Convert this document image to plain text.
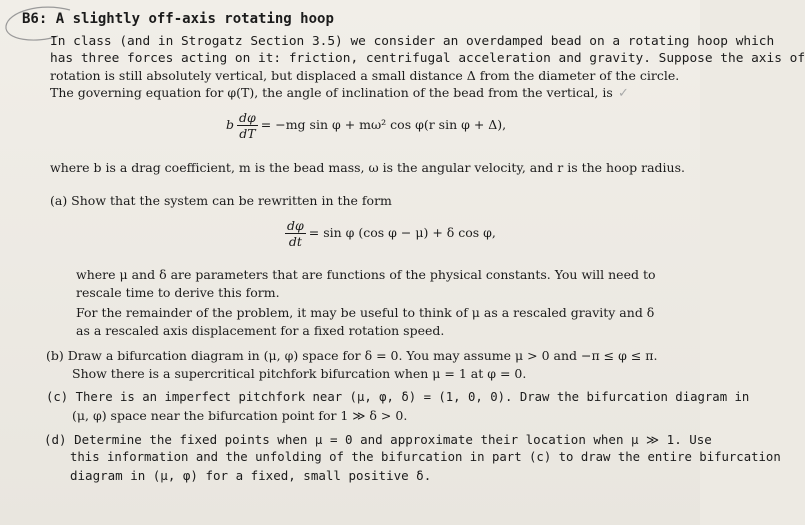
✓
B6: A slightly off-axis rotating hoop
In class (and in Strogatz Section 3.5) we consider an overdamped bead on a rotating hoop which
has three forces acting on it: friction, centrifugal acceleration and gravity. Suppose the axis of
rotation is still absolutely vertical, but displaced a small distance Δ from the diameter of the circle.
The governing equation for φ(T), the angle of inclination of the bead from the vertical, is
b $\frac{d\varphi}{dT} = -mg$ sin φ + mω² cos φ(r sin φ + Δ),
where b is a drag coefficient, m is the bead mass, ω is the angular velocity, and r is the hoop radius.
(a) Show that the system can be rewritten in the form
$\frac{d\varphi}{dt} = \sin \varphi$ (cos φ − μ) + δ cos φ,
where μ and δ are parameters that are functions of the physical constants. You will need to
rescale time to derive this form.
For the remainder of the problem, it may be useful to think of μ as a rescaled gravity and δ
as a rescaled axis displacement for a fixed rotation speed.
(b) Draw a bifurcation diagram in (μ, φ) space for δ = 0. You may assume μ > 0 and −π ≤ φ ≤ π.
Show there is a supercritical pitchfork bifurcation when μ = 1 at φ = 0.
(c) There is an imperfect pitchfork near (μ, φ, δ) = (1, 0, 0). Draw the bifurcation diagram in
(μ, φ) space near the bifurcation point for 1 ≫ δ > 0.
(d) Determine the fixed points when μ = 0 and approximate their location when μ ≫ 1. Use
this information and the unfolding of the bifurcation in part (c) to draw the entire bifurcation
diagram in (μ, φ) for a fixed, small positive δ.
